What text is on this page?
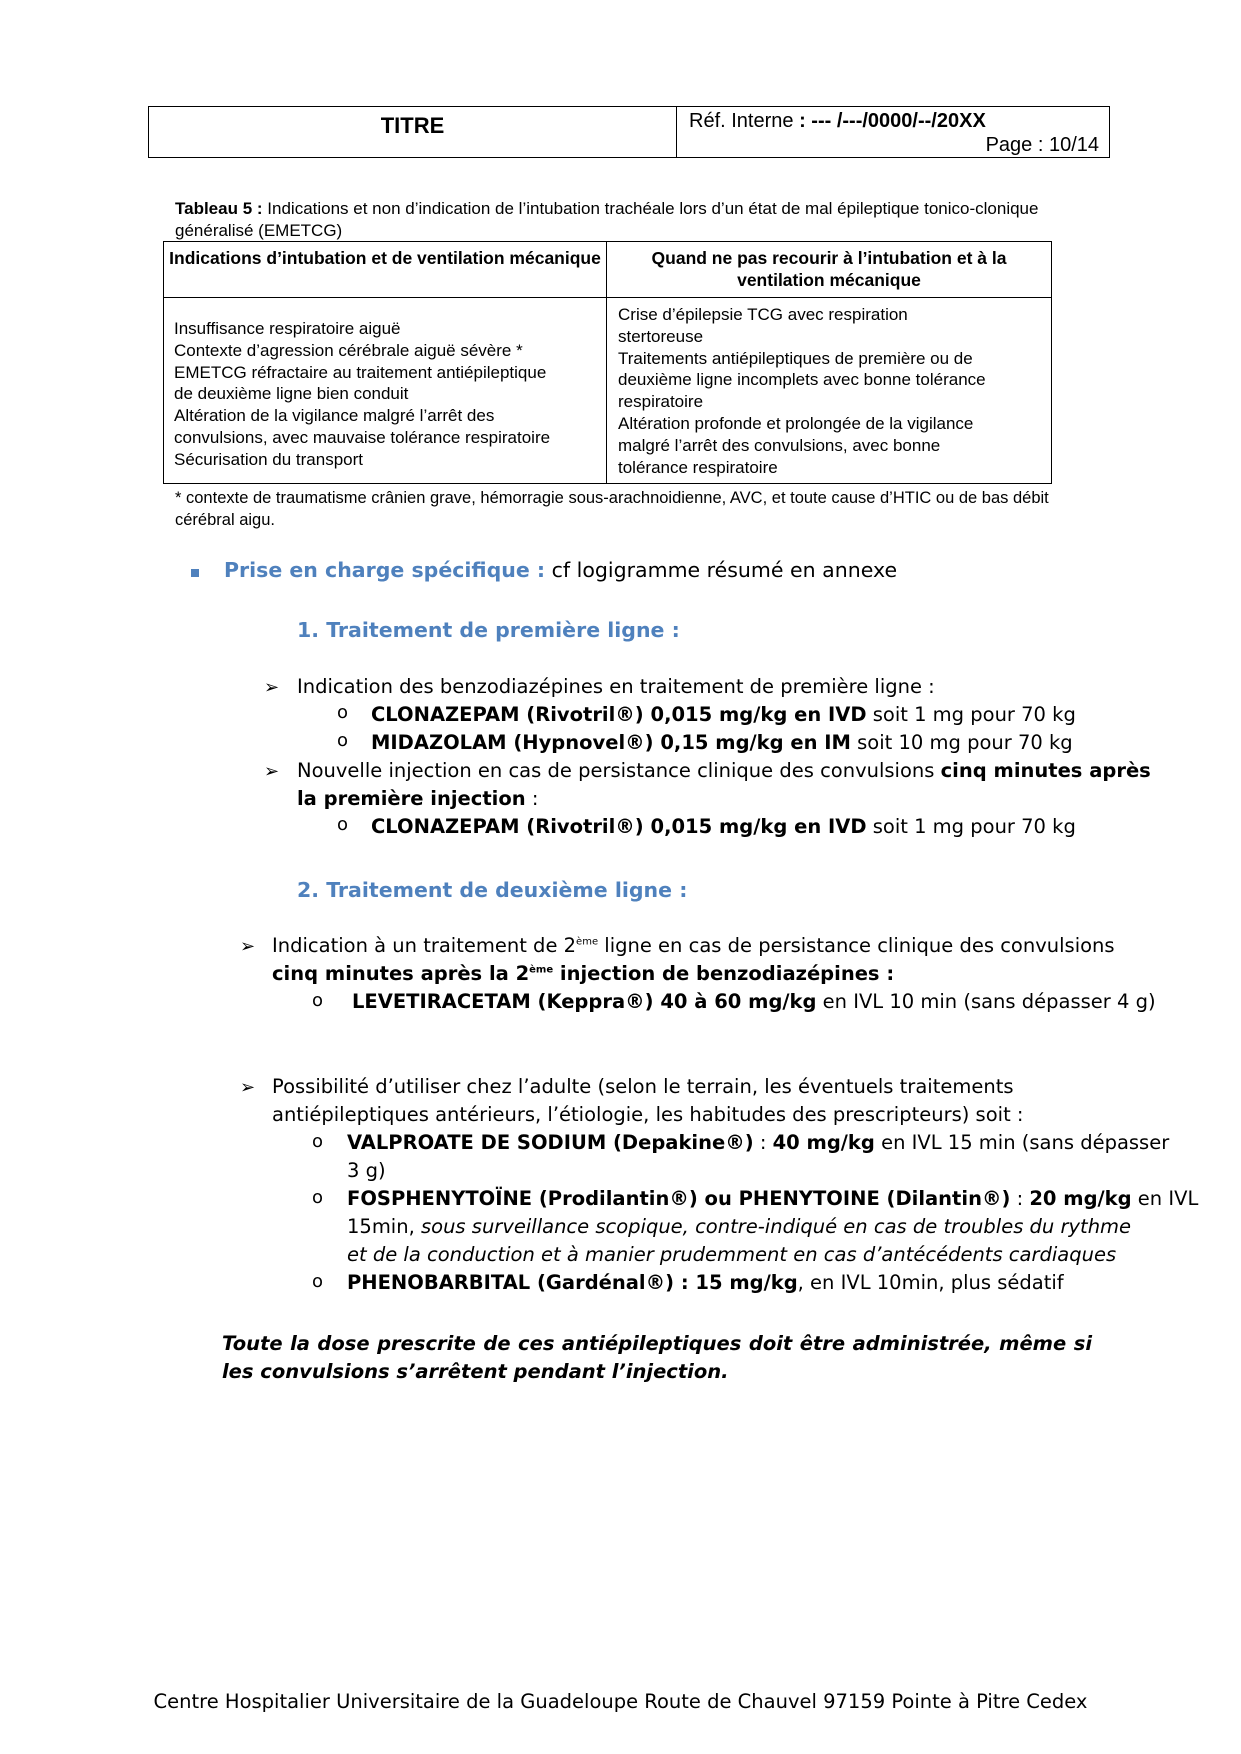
TITRE	Réf. Interne : --- /---/0000/--/20XX
Page : 10/14
Tableau 5 : Indications et non d’indication de l’intubation trachéale lors d’un état de mal épileptique tonico-clonique généralisé (EMETCG)
Indications d’intubation et de ventilation mécanique	Quand ne pas recourir à l’intubation et à la ventilation mécanique
Insuffisance respiratoire aiguë
Contexte d’agression cérébrale aiguë sévère *
EMETCG réfractaire au traitement antiépileptique
de deuxième ligne bien conduit
Altération de la vigilance malgré l’arrêt des
convulsions, avec mauvaise tolérance respiratoire
Sécurisation du transport
Crise d’épilepsie TCG avec respiration
stertoreuse
Traitements antiépileptiques de première ou de
deuxième ligne incomplets avec bonne tolérance
respiratoire
Altération profonde et prolongée de la vigilance
malgré l’arrêt des convulsions, avec bonne
tolérance respiratoire
* contexte de traumatisme crânien grave, hémorragie sous-arachnoidienne, AVC, et toute cause d’HTIC ou de bas débit cérébral aigu.
Prise en charge spécifique : cf logigramme résumé en annexe
1. Traitement de première ligne :
➢ Indication des benzodiazépines en traitement de première ligne :
o CLONAZEPAM (Rivotril®) 0,015 mg/kg en IVD soit 1 mg pour 70 kg
o MIDAZOLAM (Hypnovel®) 0,15 mg/kg en IM soit 10 mg pour 70 kg
➢ Nouvelle injection en cas de persistance clinique des convulsions cinq minutes après
la première injection :
o CLONAZEPAM (Rivotril®) 0,015 mg/kg en IVD soit 1 mg pour 70 kg
2. Traitement de deuxième ligne :
➢ Indication à un traitement de 2ème ligne en cas de persistance clinique des convulsions
cinq minutes après la 2ème injection de benzodiazépines :
o LEVETIRACETAM (Keppra®) 40 à 60 mg/kg en IVL 10 min (sans dépasser 4 g)
➢ Possibilité d’utiliser chez l’adulte (selon le terrain, les éventuels traitements
antiépileptiques antérieurs, l’étiologie, les habitudes des prescripteurs) soit :
o VALPROATE DE SODIUM (Depakine®) : 40 mg/kg en IVL 15 min (sans dépasser
3 g)
o FOSPHENYTOÏNE (Prodilantin®) ou PHENYTOINE (Dilantin®) : 20 mg/kg en IVL
15min, sous surveillance scopique, contre-indiqué en cas de troubles du rythme
et de la conduction et à manier prudemment en cas d’antécédents cardiaques
o PHENOBARBITAL (Gardénal®) : 15 mg/kg, en IVL 10min, plus sédatif
Toute la dose prescrite de ces antiépileptiques doit être administrée, même si les convulsions s’arrêtent pendant l’injection.
Centre Hospitalier Universitaire de la Guadeloupe Route de Chauvel 97159 Pointe à Pitre Cedex
